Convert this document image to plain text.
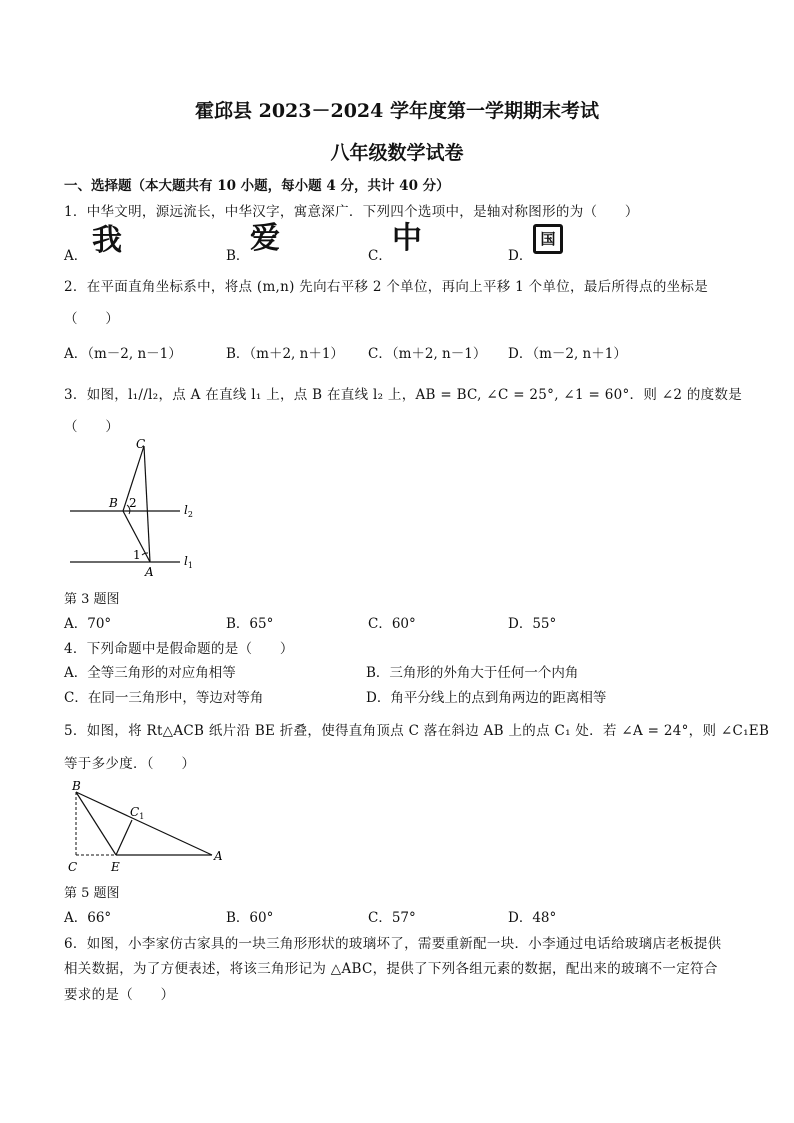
霍邱县 2023－2024 学年度第一学期期末考试
八年级数学试卷
一、选择题（本大题共有 10 小题，每小题 4 分，共计 40 分）
1．中华文明，源远流长，中华汉字，寓意深广．下列四个选项中，是轴对称图形的为（　　）
A． 我	B． 爱	C． 中	D．
国
2．在平面直角坐标系中，将点 (m,n) 先向右平移 2 个单位，再向上平移 1 个单位，最后所得点的坐标是
（　　）
A．（m－2, n－1）	B．（m＋2, n＋1） C．（m＋2, n－1） D．（m－2, n＋1）
3．如图，l₁//l₂，点 A 在直线 l₁ 上，点 B 在直线 l₂ 上，AB = BC, ∠C = 25°, ∠1 = 60°．则 ∠2 的度数是
（　　）
C
B 2
1
A
$l_2$
$l_1$
第 3 题图
A．70°	B．65°	C．60°	D．55°
4．下列命题中是假命题的是（　　）
A．全等三角形的对应角相等	B．三角形的外角大于任何一个内角
C．在同一三角形中，等边对等角	D．角平分线上的点到角两边的距离相等
5．如图，将 Rt△ACB 纸片沿 BE 折叠，使得直角顶点 C 落在斜边 AB 上的点 C₁ 处．若 ∠A = 24°，则 ∠C₁EB
等于多少度．（　　）
B
$C_1$
C	E
A
第 5 题图
A．66°	B．60°	C．57°	D．48°
6．如图，小李家仿古家具的一块三角形形状的玻璃坏了，需要重新配一块．小李通过电话给玻璃店老板提供
相关数据，为了方便表述，将该三角形记为 △ABC，提供了下列各组元素的数据，配出来的玻璃不一定符合
要求的是（　　）
